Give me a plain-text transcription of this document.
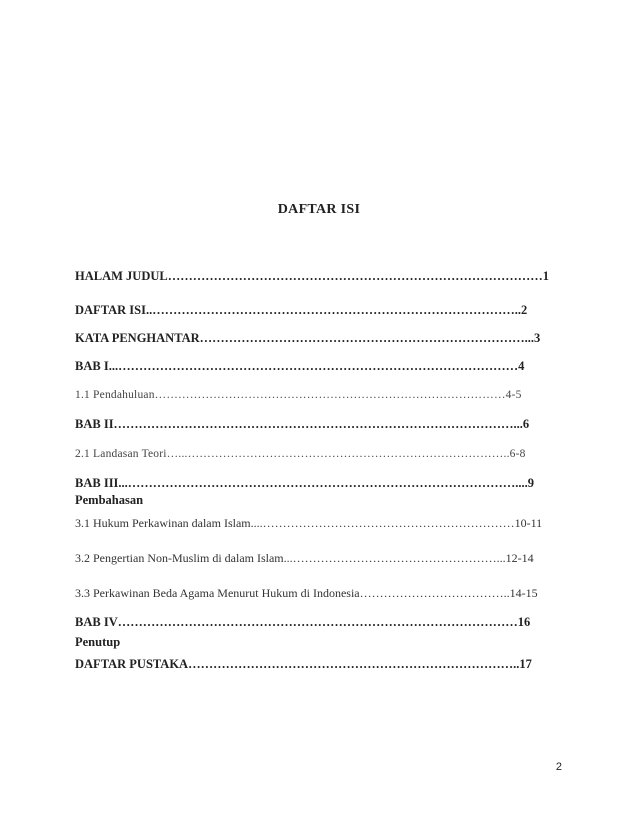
DAFTAR ISI
HALAM JUDUL………………………………………………………………………………1
DAFTAR ISI..……………………………………………………………………………..2
KATA PENGHANTAR……………………………………………………………………...3
BAB I...……………………………………………………………………………………4
1.1 Pendahuluan………………………………………………………………………………4-5
BAB II……………………………………………………………………………………...6
2.1 Landasan Teori…...………………………………………………………………………..6-8
BAB III...…………………………………………………………………………………....9
Pembahasan
3.1 Hukum Perkawinan dalam Islam....………………………………………………………10-11
3.2 Pengertian Non-Muslim di dalam Islam...……………………………………………...12-14
3.3 Perkawinan Beda Agama Menurut Hukum di Indonesia………………………………..14-15
BAB IV……………………………………………………………………………………16
Penutup
DAFTAR PUSTAKA……………………………………………………………………..17
2
